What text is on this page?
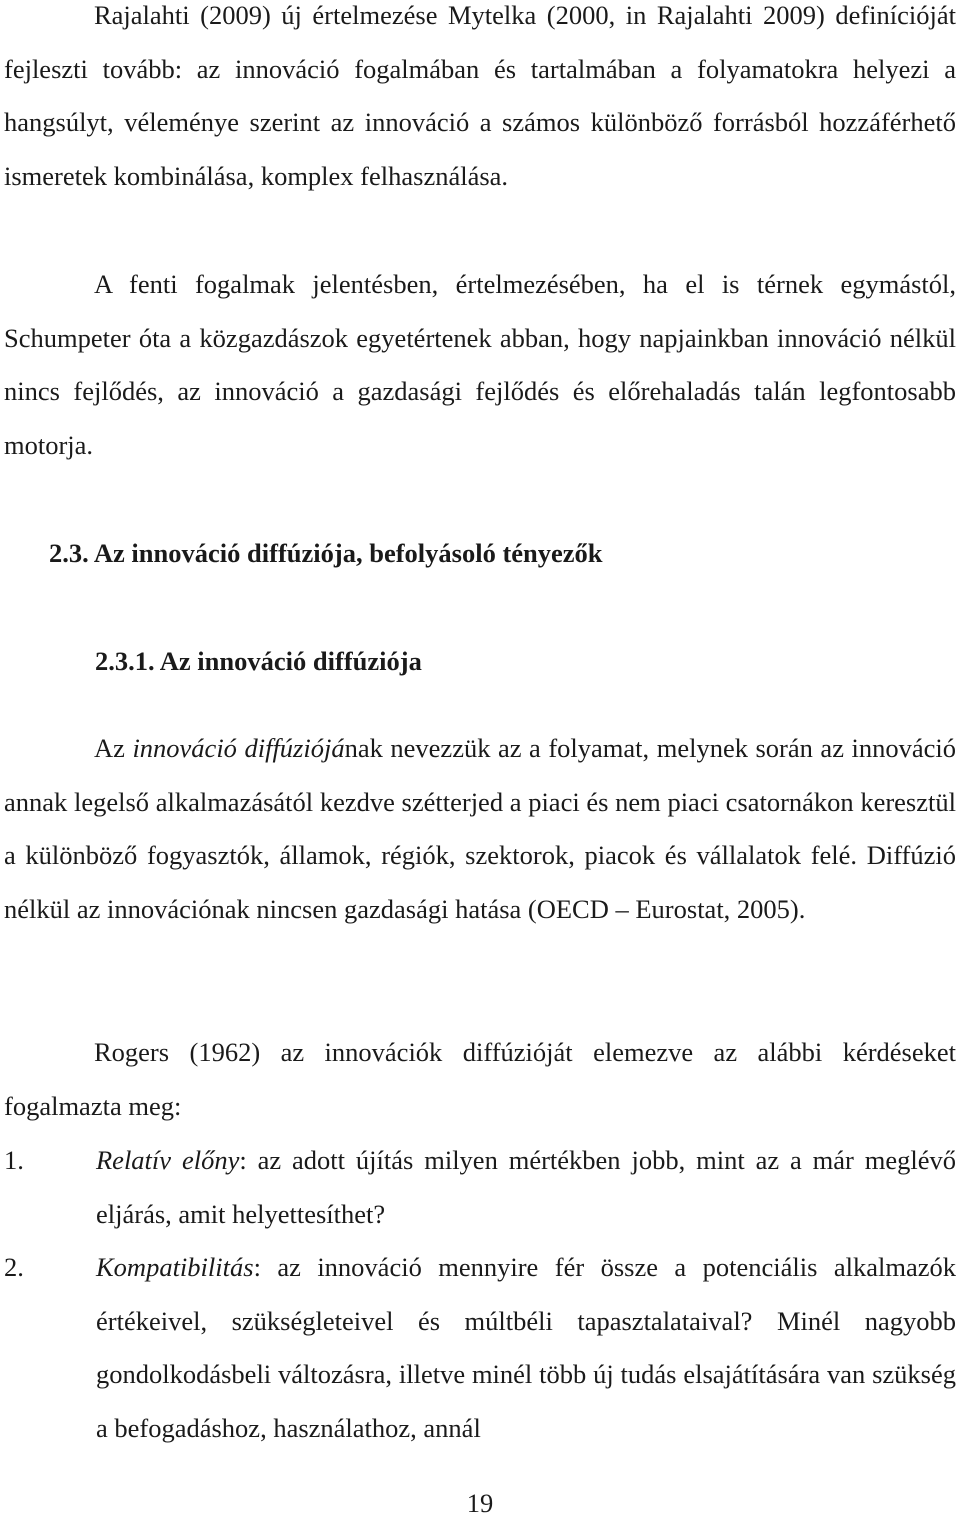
Rajalahti (2009) új értelmezése Mytelka (2000, in Rajalahti 2009) definícióját fejleszti tovább: az innováció fogalmában és tartalmában a folyamatokra helyezi a hangsúlyt, véleménye szerint az innováció a számos különböző forrásból hozzáférhető ismeretek kombinálása, komplex felhasználása.

A fenti fogalmak jelentésben, értelmezésében, ha el is térnek egymástól, Schumpeter óta a közgazdászok egyetértenek abban, hogy napjainkban innováció nélkül nincs fejlődés, az innováció a gazdasági fejlődés és előrehaladás talán legfontosabb motorja.

2.3. Az innováció diffúziója, befolyásoló tényezők
2.3.1. Az innováció diffúziója

Az innováció diffúziójának nevezzük az a folyamat, melynek során az innováció annak legelső alkalmazásától kezdve szétterjed a piaci és nem piaci csatornákon keresztül a különböző fogyasztók, államok, régiók, szektorok, piacok és vállalatok felé. Diffúzió nélkül az innovációnak nincsen gazdasági hatása (OECD – Eurostat, 2005).

Rogers (1962) az innovációk diffúzióját elemezve az alábbi kérdéseket fogalmazta meg:

1.	Relatív előny: az adott újítás milyen mértékben jobb, mint az a már meglévő eljárás, amit helyettesíthet?
2.	Kompatibilitás: az innováció mennyire fér össze a potenciális alkalmazók értékeivel, szükségleteivel és múltbéli tapasztalataival? Minél nagyobb gondolkodásbeli változásra, illetve minél több új tudás elsajátítására van szükség a befogadáshoz, használathoz, annál
19
